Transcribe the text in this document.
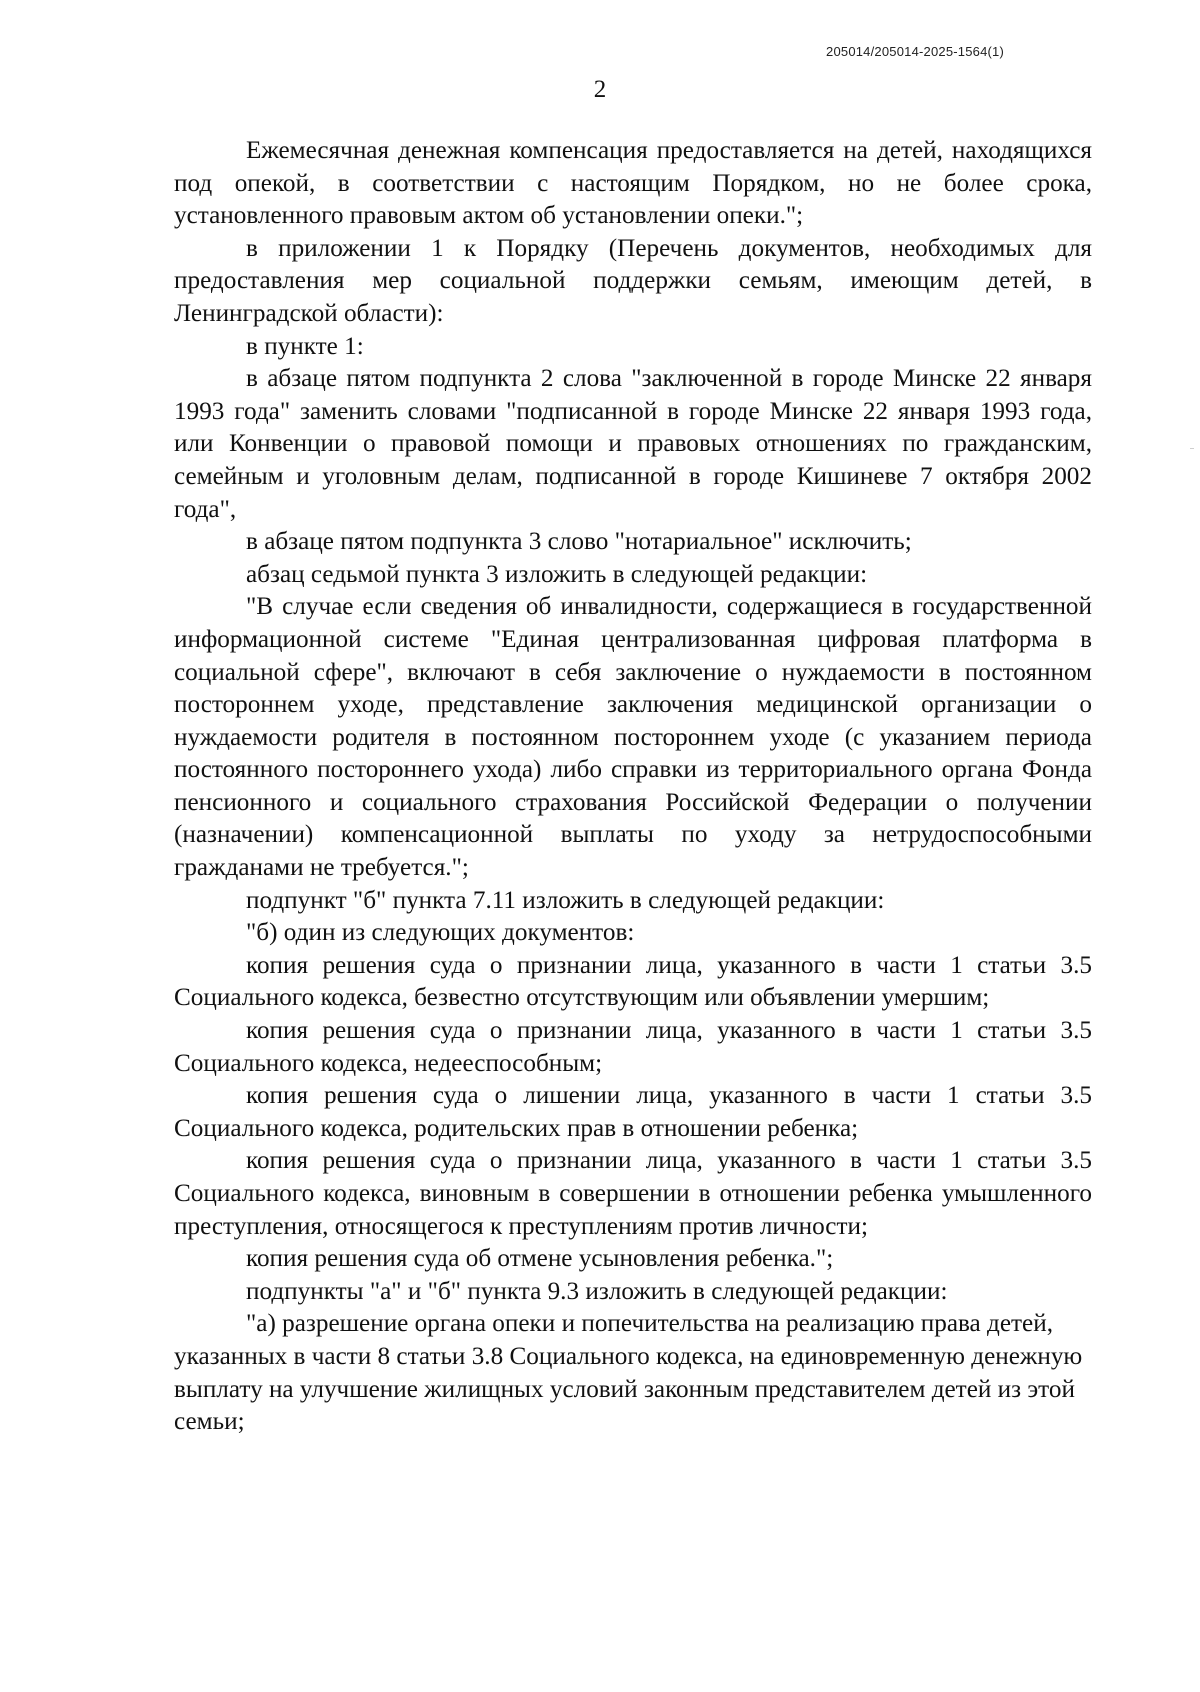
205014/205014-2025-1564(1)
2

Ежемесячная денежная компенсация предоставляется на детей, находящихся под опекой, в соответствии с настоящим Порядком, но не более срока, установленного правовым актом об установлении опеки.";

в приложении 1 к Порядку (Перечень документов, необходимых для предоставления мер социальной поддержки семьям, имеющим детей, в Ленинградской области):

в пункте 1:

в абзаце пятом подпункта 2 слова "заключенной в городе Минске 22 января 1993 года" заменить словами "подписанной в городе Минске 22 января 1993 года, или Конвенции о правовой помощи и правовых отношениях по гражданским, семейным и уголовным делам, подписанной в городе Кишиневе 7 октября 2002 года",

в абзаце пятом подпункта 3 слово "нотариальное" исключить;

абзац седьмой пункта 3 изложить в следующей редакции:

"В случае если сведения об инвалидности, содержащиеся в государственной информационной системе "Единая централизованная цифровая платформа в социальной сфере", включают в себя заключение о нуждаемости в постоянном постороннем уходе, представление заключения медицинской организации о нуждаемости родителя в постоянном постороннем уходе (с указанием периода постоянного постороннего ухода) либо справки из территориального органа Фонда пенсионного и социального страхования Российской Федерации о получении (назначении) компенсационной выплаты по уходу за нетрудоспособными гражданами не требуется.";

подпункт "б" пункта 7.11 изложить в следующей редакции:

"б) один из следующих документов:

копия решения суда о признании лица, указанного в части 1 статьи 3.5 Социального кодекса, безвестно отсутствующим или объявлении умершим;

копия решения суда о признании лица, указанного в части 1 статьи 3.5 Социального кодекса, недееспособным;

копия решения суда о лишении лица, указанного в части 1 статьи 3.5 Социального кодекса, родительских прав в отношении ребенка;

копия решения суда о признании лица, указанного в части 1 статьи 3.5 Социального кодекса, виновным в совершении в отношении ребенка умышленного преступления, относящегося к преступлениям против личности;

копия решения суда об отмене усыновления ребенка.";

подпункты "а" и "б" пункта 9.3 изложить в следующей редакции:

"а) разрешение органа опеки и попечительства на реализацию права детей, указанных в части 8 статьи 3.8 Социального кодекса, на единовременную денежную выплату на улучшение жилищных условий законным представителем детей из этой семьи;
